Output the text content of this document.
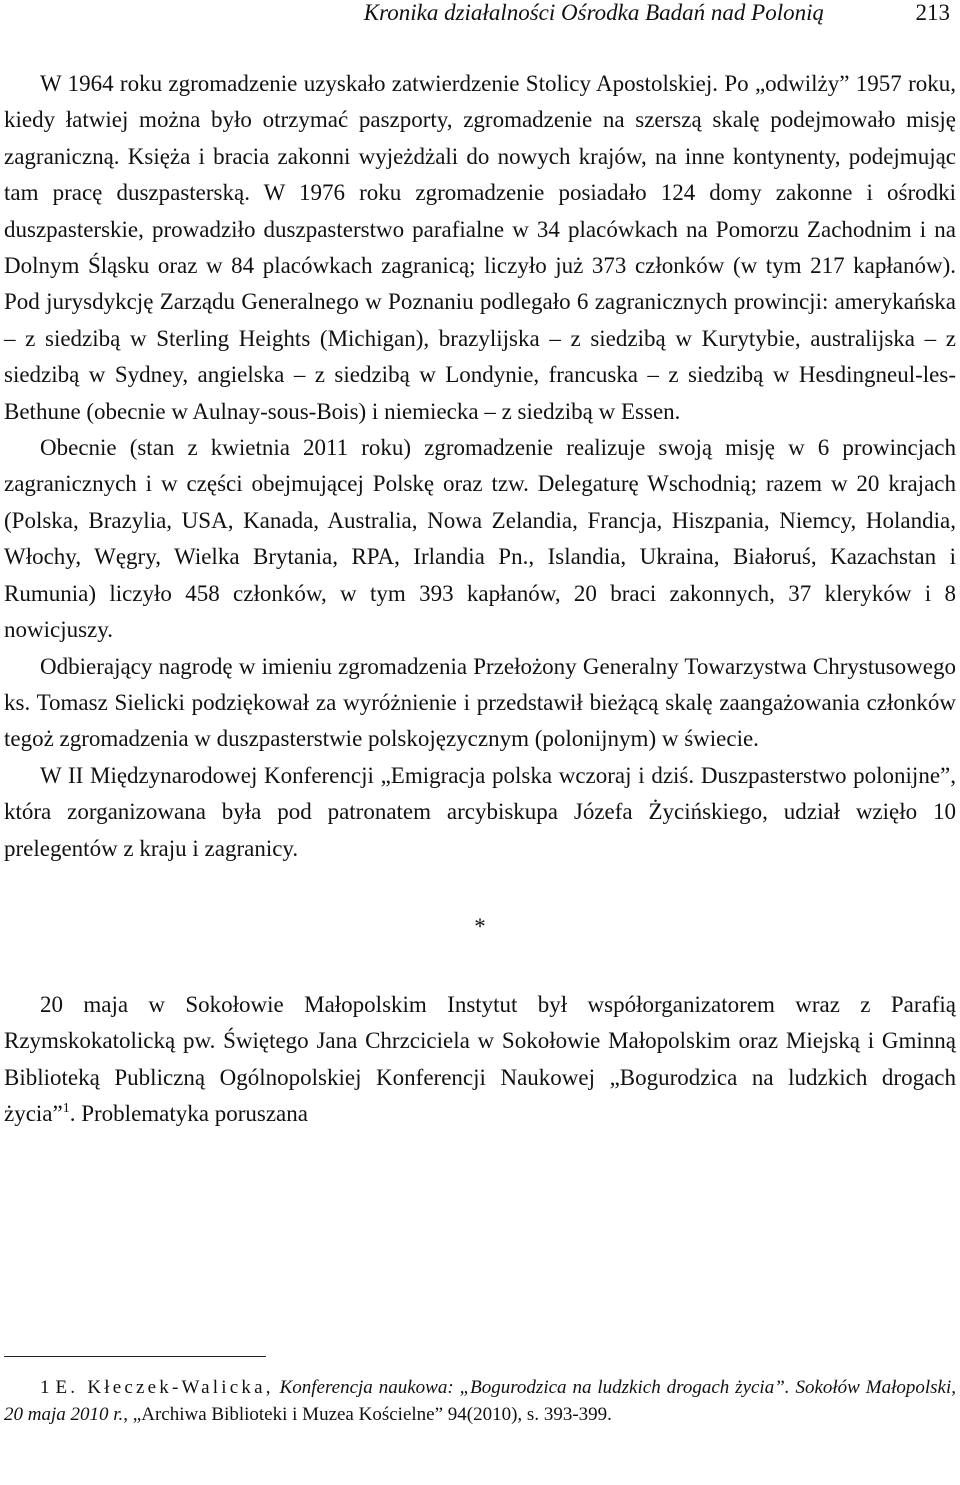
Kronika działalności Ośrodka Badań nad Polonią	213

W 1964 roku zgromadzenie uzyskało zatwierdzenie Stolicy Apostolskiej. Po „odwilży” 1957 roku, kiedy łatwiej można było otrzymać paszporty, zgromadzenie na szerszą skalę podejmowało misję zagraniczną. Księża i bracia zakonni wyjeżdżali do nowych krajów, na inne kontynenty, podejmując tam pracę duszpasterską. W 1976 roku zgromadzenie posiadało 124 domy zakonne i ośrodki duszpasterskie, prowadziło duszpasterstwo parafialne w 34 placówkach na Pomorzu Zachodnim i na Dolnym Śląsku oraz w 84 placówkach zagranicą; liczyło już 373 członków (w tym 217 kapłanów). Pod jurysdykcję Zarządu Generalnego w Poznaniu podlegało 6 zagranicznych prowincji: amerykańska – z siedzibą w Sterling Heights (Michigan), brazylijska – z siedzibą w Kurytybie, australijska – z siedzibą w Sydney, angielska – z siedzibą w Londynie, francuska – z siedzibą w Hesdingneul-les-Bethune (obecnie w Aulnay-sous-Bois) i niemiecka – z siedzibą w Essen.

Obecnie (stan z kwietnia 2011 roku) zgromadzenie realizuje swoją misję w 6 prowincjach zagranicznych i w części obejmującej Polskę oraz tzw. Delegaturę Wschodnią; razem w 20 krajach (Polska, Brazylia, USA, Kanada, Australia, Nowa Zelandia, Francja, Hiszpania, Niemcy, Holandia, Włochy, Węgry, Wielka Brytania, RPA, Irlandia Pn., Islandia, Ukraina, Białoruś, Kazachstan i Rumunia) liczyło 458 członków, w tym 393 kapłanów, 20 braci zakonnych, 37 kleryków i 8 nowicjuszy.

Odbierający nagrodę w imieniu zgromadzenia Przełożony Generalny Towarzystwa Chrystusowego ks. Tomasz Sielicki podziękował za wyróżnienie i przedstawił bieżącą skalę zaangażowania członków tegoż zgromadzenia w duszpasterstwie polskojęzycznym (polonijnym) w świecie.

W II Międzynarodowej Konferencji „Emigracja polska wczoraj i dziś. Duszpasterstwo polonijne”, która zorganizowana była pod patronatem arcybiskupa Józefa Życińskiego, udział wzięło 10 prelegentów z kraju i zagranicy.

*

20 maja w Sokołowie Małopolskim Instytut był współorganizatorem wraz z Parafią Rzymskokatolicką pw. Świętego Jana Chrzciciela w Sokołowie Małopolskim oraz Miejską i Gminną Biblioteką Publiczną Ogólnopolskiej Konferencji Naukowej „Bogurodzica na ludzkich drogach życia”$^1$. Problematyka poruszana

1 E. Kłeczek-Walicka, Konferencja naukowa: „Bogurodzica na ludzkich drogach życia”. Sokołów Małopolski, 20 maja 2010 r., „Archiwa Biblioteki i Muzea Kościelne” 94(2010), s. 393-399.
